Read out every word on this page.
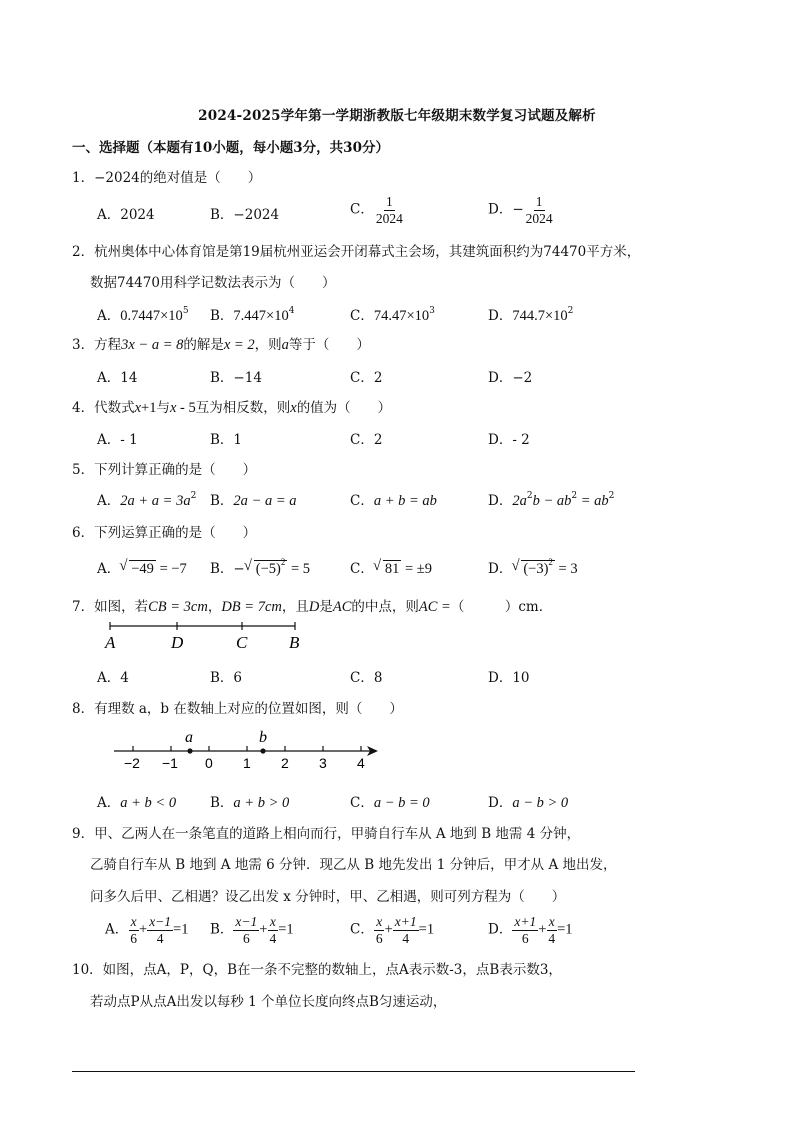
2024-2025学年第一学期浙教版七年级期末数学复习试题及解析
一、选择题（本题有10小题，每小题3分，共30分）
1．−2024的绝对值是（　　）
A．2024	B．−2024	C． $\frac{1}{2024}$	D．− $\frac{1}{2024}$
2．杭州奥体中心体育馆是第19届杭州亚运会开闭幕式主会场，其建筑面积约为74470平方米，
数据74470用科学记数法表示为（　　）
A．$0.7447\times 10^5$ B．$7.447\times 10^4$	C．$74.47\times 10^3$	D．$744.7\times 10^2$
3．方程3x − a = 8的解是x = 2，则a等于（　　）
A．14	B．−14	C．2	D．−2
4．代数式x+1与x - 5互为相反数，则x的值为（　　）
A．- 1	B．1	C．2	D．- 2
5．下列计算正确的是（　　）
A．$2a + a = 3a^2$ B．2a − a = a	C．a + b = ab	D．$2a^2b - ab^2 = ab^2$
6．下列运算正确的是（　　）
A． √ −49 = −7 B．− √ $(-5)^2 = 5$	C． √ 81 = ±9	D． √ $(-3)^2 = 3$
7．如图，若CB = 3cm，DB = 7cm，且D是AC的中点，则AC =（　　　）cm．
A	D	C B
A．4	B．6	C．8	D．10
8．有理数 a，b 在数轴上对应的位置如图，则（　　）
a	b
−2 −1 0 1 2 3 4
A．a + b < 0	B．a + b > 0	C．a − b = 0	D．a − b > 0
9．甲、乙两人在一条笔直的道路上相向而行，甲骑自行车从 A 地到 B 地需 4 分钟，
乙骑自行车从 B 地到 A 地需 6 分钟．现乙从 B 地先发出 1 分钟后，甲才从 A 地出发，
问多久后甲、乙相遇？设乙出发 x 分钟时，甲、乙相遇，则可列方程为（　　）
A． $\frac{x}{6} + \frac{x-1}{4} =1$ B． $\frac{x-1}{6} + \frac{x}{4} =1$	C． $\frac{x}{6} + \frac{x+1}{4} =1$	D． $\frac{x+1}{6} + \frac{x}{4} =1$
10．如图，点A，P，Q，B在一条不完整的数轴上，点A表示数-3，点B表示数3，
若动点P从点A出发以每秒 1 个单位长度向终点B匀速运动，
